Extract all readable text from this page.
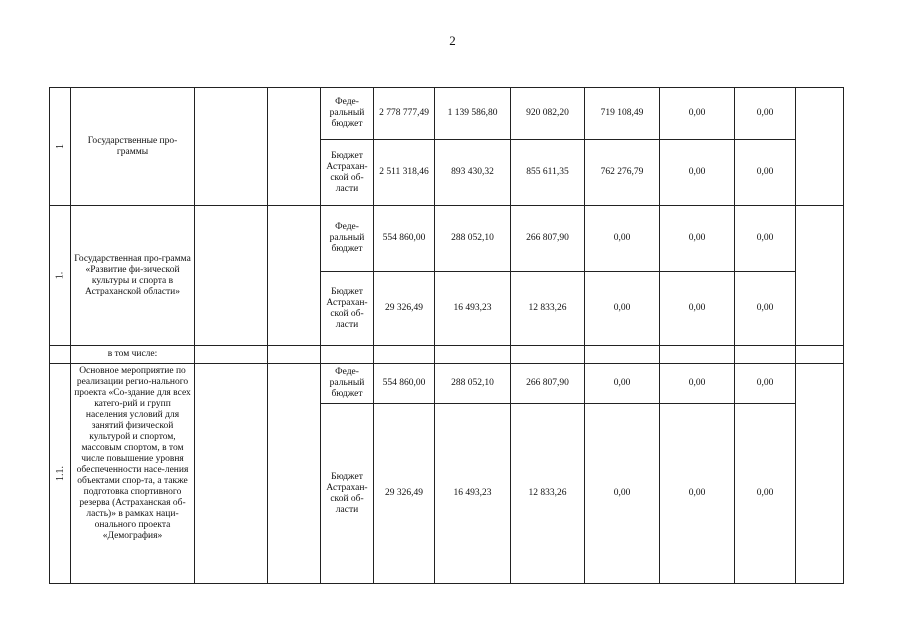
2
1	Государственные про-граммы			Феде-ральный бюджет	2 778 777,49	1 139 586,80	920 082,20	719 108,49	0,00	0,00	
				Бюджет Астрахан-ской об-ласти	2 511 318,46	893 430,32	855 611,35	762 276,79	0,00	0,00	
1.	Государственная про-грамма «Развитие фи-зической культуры и спорта в Астраханской области»			Феде-ральный бюджет	554 860,00	288 052,10	266 807,90	0,00	0,00	0,00	
				Бюджет Астрахан-ской об-ласти	29 326,49	16 493,23	12 833,26	0,00	0,00	0,00	
	в том числе:										
1.1.	Основное мероприятие по реализации регио-нального проекта «Со-здание для всех катего-рий и групп населения условий для занятий физической культурой и спортом, массовым спортом, в том числе повышение уровня обеспеченности насе-ления объектами спор-та, а также подготовка спортивного резерва (Астраханская об-ласть)» в рамках наци-онального проекта «Демография»			Феде-ральный бюджет	554 860,00	288 052,10	266 807,90	0,00	0,00	0,00	
				Бюджет Астрахан-ской об-ласти	29 326,49	16 493,23	12 833,26	0,00	0,00	0,00	
